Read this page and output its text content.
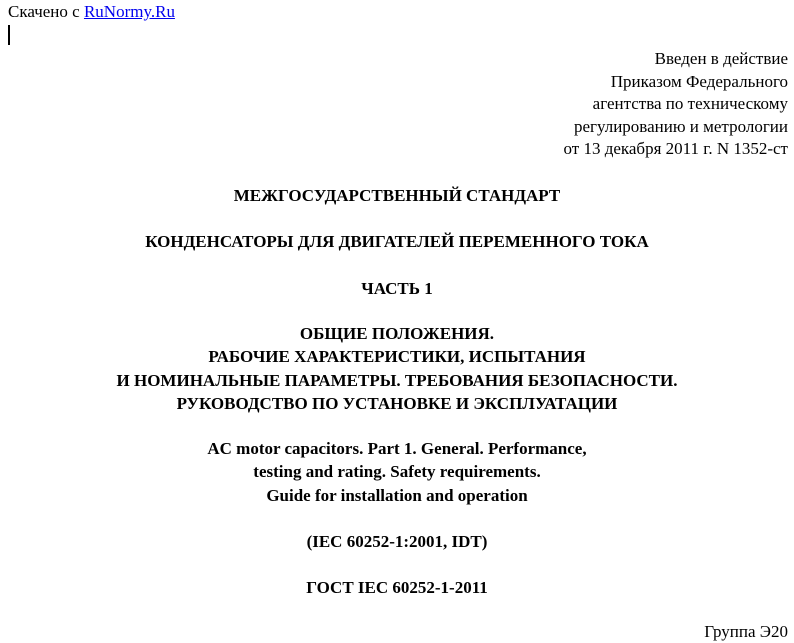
Скачено с RuNormy.Ru
Введен в действие
Приказом Федерального
агентства по техническому
регулированию и метрологии
от 13 декабря 2011 г. N 1352-ст
МЕЖГОСУДАРСТВЕННЫЙ СТАНДАРТ
КОНДЕНСАТОРЫ ДЛЯ ДВИГАТЕЛЕЙ ПЕРЕМЕННОГО ТОКА
ЧАСТЬ 1
ОБЩИЕ ПОЛОЖЕНИЯ.
РАБОЧИЕ ХАРАКТЕРИСТИКИ, ИСПЫТАНИЯ
И НОМИНАЛЬНЫЕ ПАРАМЕТРЫ. ТРЕБОВАНИЯ БЕЗОПАСНОСТИ.
РУКОВОДСТВО ПО УСТАНОВКЕ И ЭКСПЛУАТАЦИИ
AC motor capacitors. Part 1. General. Performance,
testing and rating. Safety requirements.
Guide for installation and operation
(IEC 60252-1:2001, IDT)
ГОСТ IEC 60252-1-2011
Группа Э20
